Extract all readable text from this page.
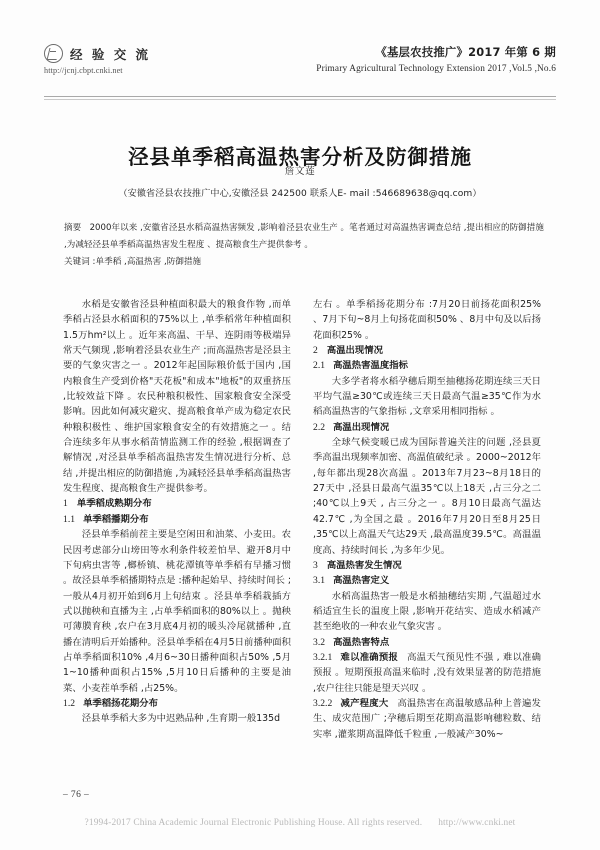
经 验 交 流
http://jcnj.cbpt.cnki.net
《基层农技推广》2017 年第 6 期
Primary Agricultural Technology Extension 2017 ,Vol.5 ,No.6
泾县单季稻高温热害分析及防御措施
詹文莲
（安徽省泾县农技推广中心,安徽泾县 242500 联系人E- mail :546689638@qq.com）
摘要 2000年以来 ,安徽省泾县水稻高温热害频发 ,影响着泾县农业生产 。笔者通过对高温热害调查总结 ,提出相应的防御措施 ,为减轻泾县单季稻高温热害发生程度 、提高粮食生产提供参考 。
关键词 :单季稻 ,高温热害 ,防御措施

水稻是安徽省泾县种植面积最大的粮食作物 ,而单季稻占泾县水稻面积的75%以上 ,单季稻常年种植面积1.5万hm²以上 。近年来高温、干旱、连阴雨等极端异常天气频现 ,影响着泾县农业生产 ;而高温热害是泾县主要的气象灾害之一 。2012年起国际粮价低于国内 ,国内粮食生产受到价格"天花板"和成本"地板"的双重挤压 ,比较效益下降 。农民种粮积极性、国家粮食安全深受影响。因此如何减灾避灾、提高粮食单产成为稳定农民种粮积极性 、维护国家粮食安全的有效措施之一 。结合连续多年从事水稻苗情监测工作的经验 ,根据调查了解情况 ,对泾县单季稻高温热害发生情况进行分析、总结 ,并提出相应的防御措施 ,为减轻泾县单季稻高温热害发生程度、提高粮食生产提供参考。

1 单季稻成熟期分布

1.1 单季稻播期分布

泾县单季稻前茬主要是空闲田和油菜、小麦田。农民因考虑部分山塝田等水利条件较差怕旱、避开8月中下旬病虫害等 ,榔桥镇、桃花潭镇等单季稻有早播习惯 。故泾县单季稻播期特点是 :播种起始早、持续时间长 ;一般从4月初开始到6月上旬结束 。泾县单季稻栽插方式以抛秧和直播为主 ,占单季稻面积的80%以上 。抛秧可薄膜育秧 ,农户在3月底4月初的暖头冷尾就播种 ,直播在清明后开始播种。泾县单季稻在4月5日前播种面积占单季稻面积10% ,4月6~30日播种面积占50% ,5月1~10播种面积占15% ,5月10日后播种的主要是油菜、小麦茬单季稻 ,占25%。

1.2 单季稻扬花期分布

泾县单季稻大多为中迟熟品种 ,生育期一般135d

左右 。单季稻扬花期分布 :7月20日前扬花面积25% 、7月下旬~8月上旬扬花面积50% 、8月中旬及以后扬花面积25% 。

2 高温出现情况

2.1 高温热害温度指标

大多学者将水稻孕穗后期至抽穗扬花期连续三天日平均气温≥30℃或连续三天日最高气温≥35℃作为水稻高温热害的气象指标 ,文章采用相同指标 。

2.2 高温出现情况

全球气候变暖已成为国际普遍关注的问题 ,泾县夏季高温出现频率加密、高温值破纪录 。2000~2012年 ,每年都出现28次高温 。2013年7月23~8月18日的27天中 ,泾县日最高气温35℃以上18天 ,占三分之二 ;40℃以上9天 , 占三分之一 。8月10日最高气温达42.7℃ ,为全国之最 。2016年7月20日至8月25日 ,35℃以上高温天气达29天 ,最高温度39.5℃。高温温度高、持续时间长 ,为多年少见。

3 高温热害发生情况

3.1 高温热害定义

水稻高温热害一般是水稻抽穗结实期 ,气温超过水稻适宜生长的温度上限 ,影响开花结实、造成水稻减产甚至绝收的一种农业气象灾害 。

3.2 高温热害特点

3.2.1 难以准确预报 高温天气预见性不强 , 难以准确预报 。短期预报高温来临时 ,没有效果显著的防范措施 ,农户往往只能是望天兴叹 。

3.2.2 减产程度大 高温热害在高温敏感品种上普遍发生、成灾范围广 ;孕穗后期至花期高温影响穗粒数、结实率 ,灌浆期高温降低千粒重 ,一般减产30%~

– 76 –
?1994-2017 China Academic Journal Electronic Publishing House. All rights reserved. http://www.cnki.net
